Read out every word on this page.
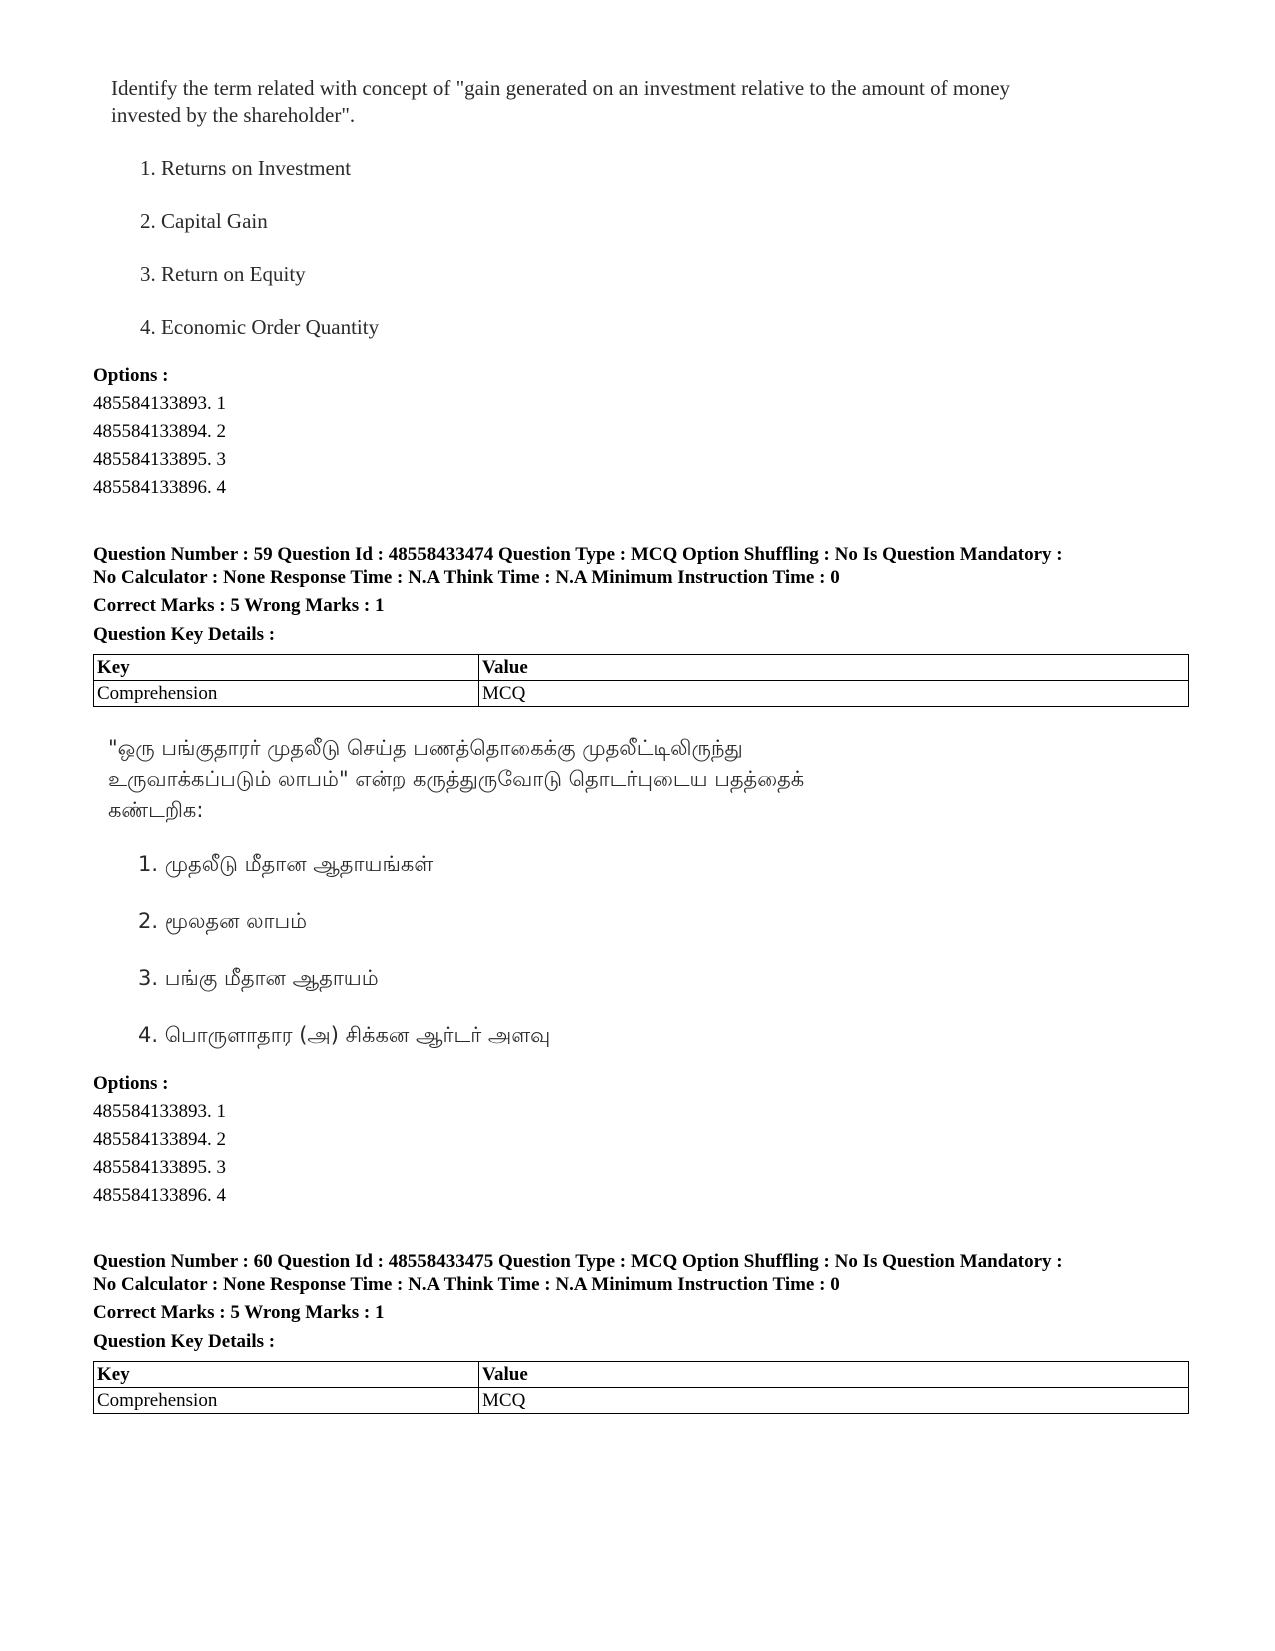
Identify the term related with concept of "gain generated on an investment relative to the amount of money
invested by the shareholder".
1. Returns on Investment
2. Capital Gain
3. Return on Equity
4. Economic Order Quantity
Options :
485584133893. 1
485584133894. 2
485584133895. 3
485584133896. 4
Question Number : 59 Question Id : 48558433474 Question Type : MCQ Option Shuffling : No Is Question Mandatory :
No Calculator : None Response Time : N.A Think Time : N.A Minimum Instruction Time : 0
Correct Marks : 5 Wrong Marks : 1
Question Key Details :
Key	Value
Comprehension	MCQ
"ஒரு பங்குதாரர் முதலீடு செய்த பணத்தொகைக்கு முதலீட்டிலிருந்து
உருவாக்கப்படும் லாபம்" என்ற கருத்துருவோடு தொடர்புடைய பதத்தைக்
கண்டறிக:
1. முதலீடு மீதான ஆதாயங்கள்
2. மூலதன லாபம்
3. பங்கு மீதான ஆதாயம்
4. பொருளாதார (அ) சிக்கன ஆர்டர் அளவு
Options :
485584133893. 1
485584133894. 2
485584133895. 3
485584133896. 4
Question Number : 60 Question Id : 48558433475 Question Type : MCQ Option Shuffling : No Is Question Mandatory :
No Calculator : None Response Time : N.A Think Time : N.A Minimum Instruction Time : 0
Correct Marks : 5 Wrong Marks : 1
Question Key Details :
Key	Value
Comprehension	MCQ
